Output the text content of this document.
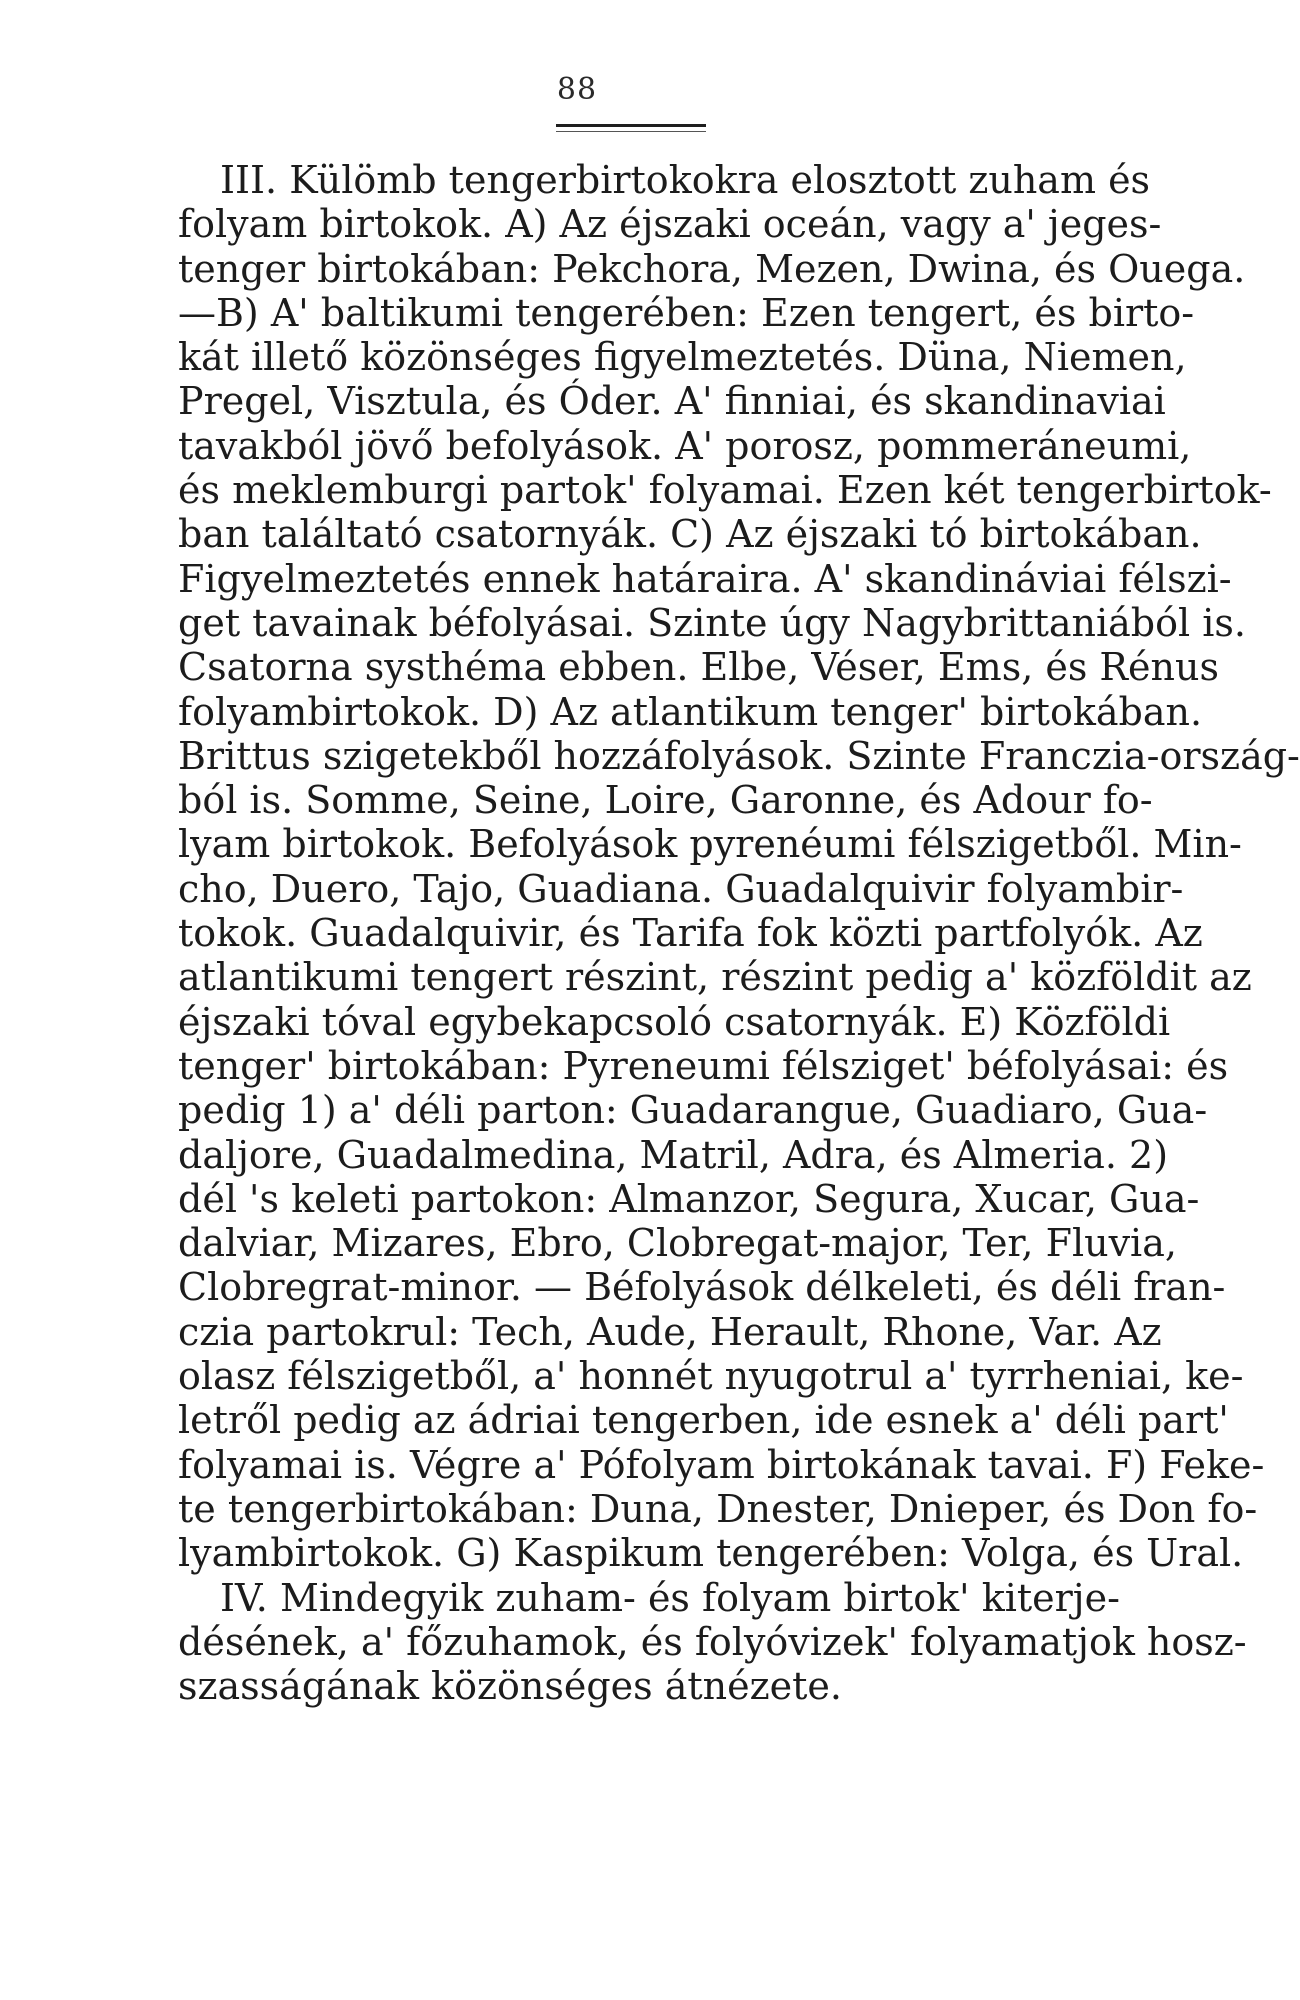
88
III. Külömb tengerbirtokokra elosztott zuham és
folyam birtokok. A) Az éjszaki oceán, vagy a' jeges-
tenger birtokában: Pekchora, Mezen, Dwina, és Ouega.
—B) A' baltikumi tengerében: Ezen tengert, és birto-
kát illető közönséges figyelmeztetés. Düna, Niemen,
Pregel, Visztula, és Óder. A' finniai, és skandinaviai
tavakból jövő befolyások. A' porosz, pommeráneumi,
és meklemburgi partok' folyamai. Ezen két tengerbirtok-
ban találtató csatornyák. C) Az éjszaki tó birtokában.
Figyelmeztetés ennek határaira. A' skandináviai félszi-
get tavainak béfolyásai. Szinte úgy Nagybrittaniából is.
Csatorna systhéma ebben. Elbe, Véser, Ems, és Rénus
folyambirtokok. D) Az atlantikum tenger' birtokában.
Brittus szigetekből hozzáfolyások. Szinte Franczia-ország-
ból is. Somme, Seine, Loire, Garonne, és Adour fo-
lyam birtokok. Befolyások pyrenéumi félszigetből. Min-
cho, Duero, Tajo, Guadiana. Guadalquivir folyambir-
tokok. Guadalquivir, és Tarifa fok közti partfolyók. Az
atlantikumi tengert részint, részint pedig a' közföldit az
éjszaki tóval egybekapcsoló csatornyák. E) Közföldi
tenger' birtokában: Pyreneumi félsziget' béfolyásai: és
pedig 1) a' déli parton: Guadarangue, Guadiaro, Gua-
daljore, Guadalmedina, Matril, Adra, és Almeria. 2)
dél 's keleti partokon: Almanzor, Segura, Xucar, Gua-
dalviar, Mizares, Ebro, Clobregat-major, Ter, Fluvia,
Clobregrat-minor. — Béfolyások délkeleti, és déli fran-
czia partokrul: Tech, Aude, Herault, Rhone, Var. Az
olasz félszigetből, a' honnét nyugotrul a' tyrrheniai, ke-
letről pedig az ádriai tengerben, ide esnek a' déli part'
folyamai is. Végre a' Pófolyam birtokának tavai. F) Feke-
te tengerbirtokában: Duna, Dnester, Dnieper, és Don fo-
lyambirtokok. G) Kaspikum tengerében: Volga, és Ural.
IV. Mindegyik zuham- és folyam birtok' kiterje-
désének, a' főzuhamok, és folyóvizek' folyamatjok hosz-
szasságának közönséges átnézete.
